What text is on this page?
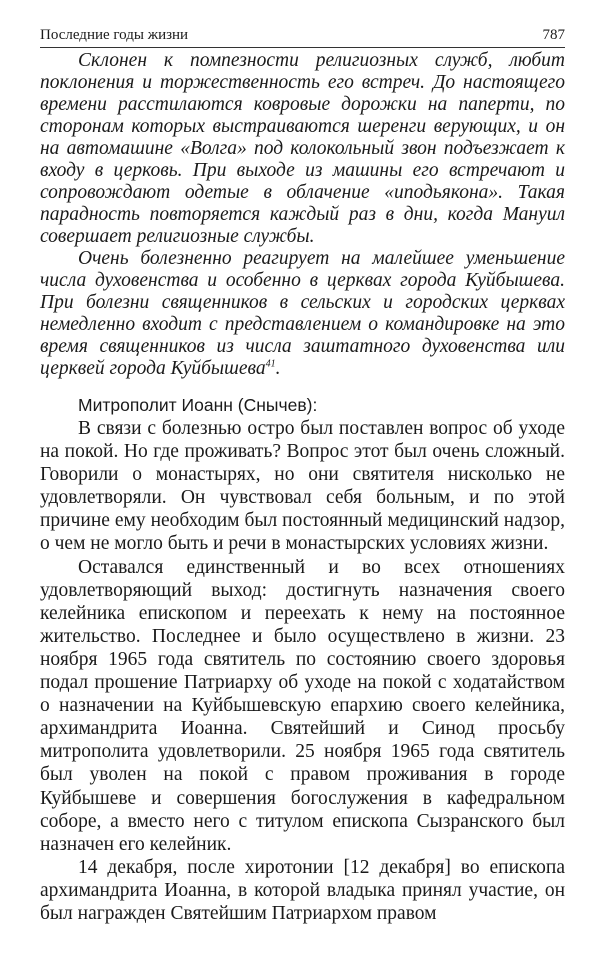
Последние годы жизни	787

Склонен к помпезности религиозных служб, любит поклонения и торжественность его встреч. До настоящего времени расстилаются ковровые дорожки на паперти, по сторонам которых выстраиваются шеренги верующих, и он на автомашине «Волга» под колокольный звон подъезжает к входу в церковь. При выходе из машины его встречают и сопровождают одетые в облачение «иподьякона». Такая парадность повторяется каждый раз в дни, когда Мануил совершает религиозные службы.

Очень болезненно реагирует на малейшее уменьшение числа духовенства и особенно в церквах города Куйбышева. При болезни священников в сельских и городских церквах немедленно входит с представлением о командировке на это время священников из числа заштатного духовенства или церквей города Куйбышева$^{41}$.

Митрополит Иоанн (Снычев):

В связи с болезнью остро был поставлен вопрос об уходе на покой. Но где проживать? Вопрос этот был очень сложный. Говорили о монастырях, но они святителя нисколько не удовлетворяли. Он чувствовал себя больным, и по этой причине ему необходим был постоянный медицинский надзор, о чем не могло быть и речи в монастырских условиях жизни.

Оставался единственный и во всех отношениях удовлетворяющий выход: достигнуть назначения своего келейника епископом и переехать к нему на постоянное жительство. Последнее и было осуществлено в жизни. 23 ноября 1965 года святитель по состоянию своего здоровья подал прошение Патриарху об уходе на покой с ходатайством о назначении на Куйбышевскую епархию своего келейника, архимандрита Иоанна. Святейший и Синод просьбу митрополита удовлетворили. 25 ноября 1965 года святитель был уволен на покой с правом проживания в городе Куйбышеве и совершения богослужения в кафедральном соборе, а вместо него с титулом епископа Сызранского был назначен его келейник.

14 декабря, после хиротонии [12 декабря] во епископа архимандрита Иоанна, в которой владыка принял участие, он был награжден Святейшим Патриархом правом
